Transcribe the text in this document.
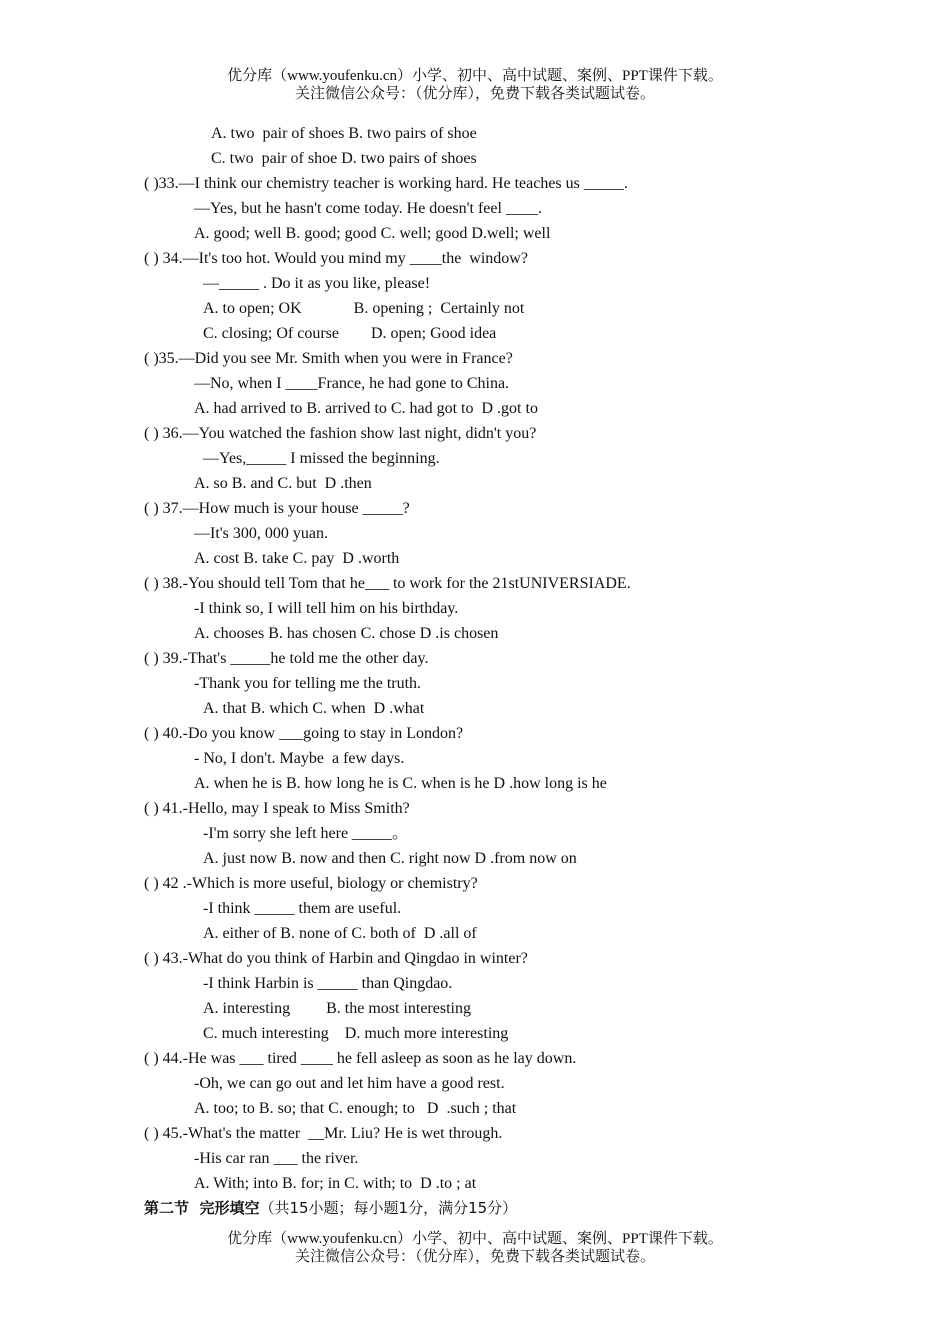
优分库（www.youfenku.cn）小学、初中、高中试题、案例、PPT课件下载。
关注微信公众号：（优分库），免费下载各类试题试卷。
A. two  pair of shoes B. two pairs of shoe
C. two  pair of shoe D. two pairs of shoes
( )33.—I think our chemistry teacher is working hard. He teaches us _____.
—Yes, but he hasn't come today. He doesn't feel ____.
A. good; well B. good; good C. well; good D.well; well
( ) 34.—It's too hot. Would you mind my ____the  window?
—_____ . Do it as you like, please!
A. to open; OK             B. opening ;  Certainly not
C. closing; Of course        D. open; Good idea
( )35.—Did you see Mr. Smith when you were in France?
—No, when I ____France, he had gone to China.
A. had arrived to B. arrived to C. had got to  D .got to
( ) 36.—You watched the fashion show last night, didn't you?
—Yes,_____ I missed the beginning.
A. so B. and C. but  D .then
( ) 37.—How much is your house _____?
—It's 300, 000 yuan.
A. cost B. take C. pay  D .worth
( ) 38.-You should tell Tom that he___ to work for the 21stUNIVERSIADE.
-I think so, I will tell him on his birthday.
A. chooses B. has chosen C. chose D .is chosen
( ) 39.-That's _____he told me the other day.
-Thank you for telling me the truth.
A. that B. which C. when  D .what
( ) 40.-Do you know ___going to stay in London?
- No, I don't. Maybe  a few days.
A. when he is B. how long he is C. when is he D .how long is he
( ) 41.-Hello, may I speak to Miss Smith?
-I'm sorry she left here _____。
A. just now B. now and then C. right now D .from now on
( ) 42 .-Which is more useful, biology or chemistry?
-I think _____ them are useful.
A. either of B. none of C. both of  D .all of
( ) 43.-What do you think of Harbin and Qingdao in winter?
-I think Harbin is _____ than Qingdao.
A. interesting         B. the most interesting
C. much interesting    D. much more interesting
( ) 44.-He was ___ tired ____ he fell asleep as soon as he lay down.
-Oh, we can go out and let him have a good rest.
A. too; to B. so; that C. enough; to   D  .such ; that
( ) 45.-What's the matter  __Mr. Liu? He is wet through.
-His car ran ___ the river.
A. With; into B. for; in C. with; to  D .to ; at
第二节  完形填空（共15小题；每小题1分，满分15分）
优分库（www.youfenku.cn）小学、初中、高中试题、案例、PPT课件下载。
关注微信公众号：（优分库），免费下载各类试题试卷。
